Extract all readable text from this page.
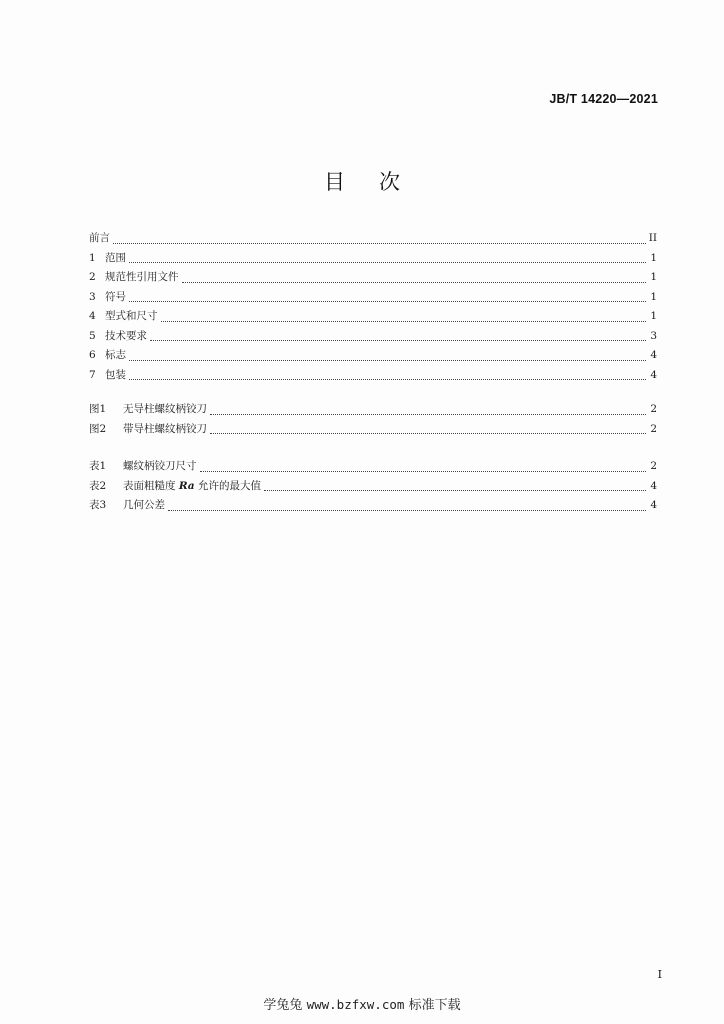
JB/T 14220—2021
目 次
前言	II
1 范围	1
2 规范性引用文件	1
3 符号	1
4 型式和尺寸	1
5 技术要求	3
6 标志	4
7 包装	4
图1	无导柱螺纹柄铰刀	2
图2	带导柱螺纹柄铰刀	2
表1	螺纹柄铰刀尺寸	2
表2	表面粗糙度 Ra 允许的最大值	4
表3	几何公差	4
I
学兔兔 www.bzfxw.com 标准下载
